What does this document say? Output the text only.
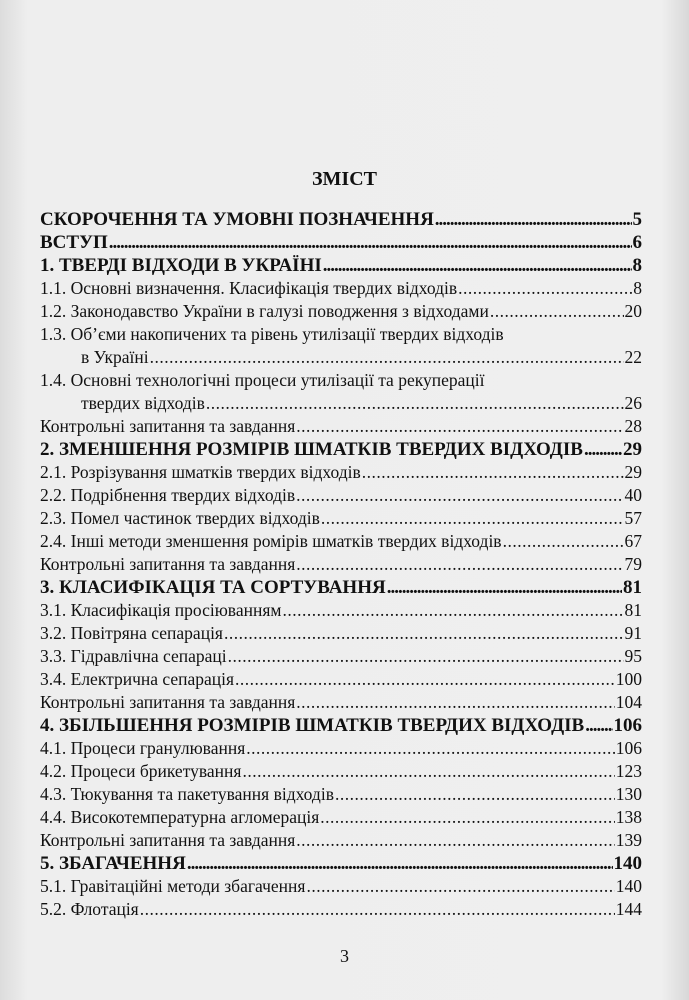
ЗМІСТ
СКОРОЧЕННЯ ТА УМОВНІ ПОЗНАЧЕННЯ .....	5
ВСТУП .....	6
1. ТВЕРДІ ВІДХОДИ В УКРАЇНІ .....	8
1.1. Основні визначення. Класифікація твердих відходів .....	8
1.2. Законодавство України в галузі поводження з відходами .....	20
1.3. Об’єми накопичених та рівень утилізації твердих відходів
в Україні .....	22
1.4. Основні технологічні процеси утилізації та рекуперації
твердих відходів .....	26
Контрольні запитання та завдання .....	28
2. ЗМЕНШЕННЯ РОЗМІРІВ ШМАТКІВ ТВЕРДИХ ВІДХОДІВ ..... 29
2.1. Розрізування шматків твердих відходів .....	29
2.2. Подрібнення твердих відходів .....	40
2.3. Помел частинок твердих відходів .....	57
2.4. Інші методи зменшення ромірів шматків твердих відходів .....	67
Контрольні запитання та завдання .....	79
3. КЛАСИФІКАЦІЯ ТА СОРТУВАННЯ .....	81
3.1. Класифікація просіюванням .....	81
3.2. Повітряна сепарація .....	91
3.3. Гідравлічна сепараці .....	95
3.4. Електрична сепарація .....	100
Контрольні запитання та завдання .....	104
4. ЗБІЛЬШЕННЯ РОЗМІРІВ ШМАТКІВ ТВЕРДИХ ВІДХОДІВ ..... 106
4.1. Процеси гранулювання .....	106
4.2. Процеси брикетування .....	123
4.3. Тюкування та пакетування відходів .....	130
4.4. Високотемпературна агломерація .....	138
Контрольні запитання та завдання .....	139
5. ЗБАГАЧЕННЯ .....	140
5.1. Гравітаційні методи збагачення .....	140
5.2. Флотація .....	144
3
